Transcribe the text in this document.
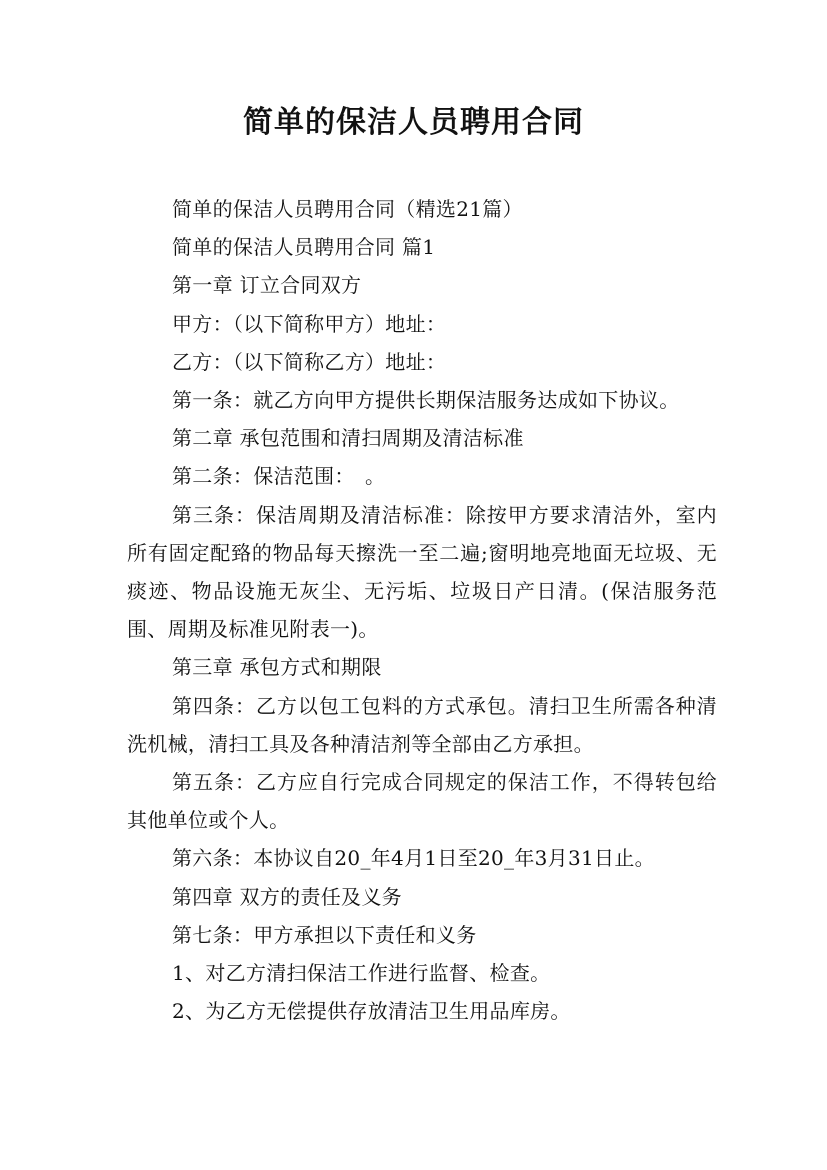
简单的保洁人员聘用合同

简单的保洁人员聘用合同（精选21篇）

简单的保洁人员聘用合同 篇1

第一章 订立合同双方

甲方：（以下简称甲方）地址：

乙方：（以下简称乙方）地址：

第一条：就乙方向甲方提供长期保洁服务达成如下协议。

第二章 承包范围和清扫周期及清洁标准

第二条：保洁范围：　。

第三条：保洁周期及清洁标准：除按甲方要求清洁外，室内所有固定配臵的物品每天擦洗一至二遍;窗明地亮地面无垃圾、无痰迹、物品设施无灰尘、无污垢、垃圾日产日清。(保洁服务范围、周期及标准见附表一)。

第三章 承包方式和期限

第四条：乙方以包工包料的方式承包。清扫卫生所需各种清洗机械，清扫工具及各种清洁剂等全部由乙方承担。

第五条：乙方应自行完成合同规定的保洁工作，不得转包给其他单位或个人。

第六条：本协议自20_年4月1日至20_年3月31日止。

第四章 双方的责任及义务

第七条：甲方承担以下责任和义务

1、对乙方清扫保洁工作进行监督、检查。

2、为乙方无偿提供存放清洁卫生用品库房。
